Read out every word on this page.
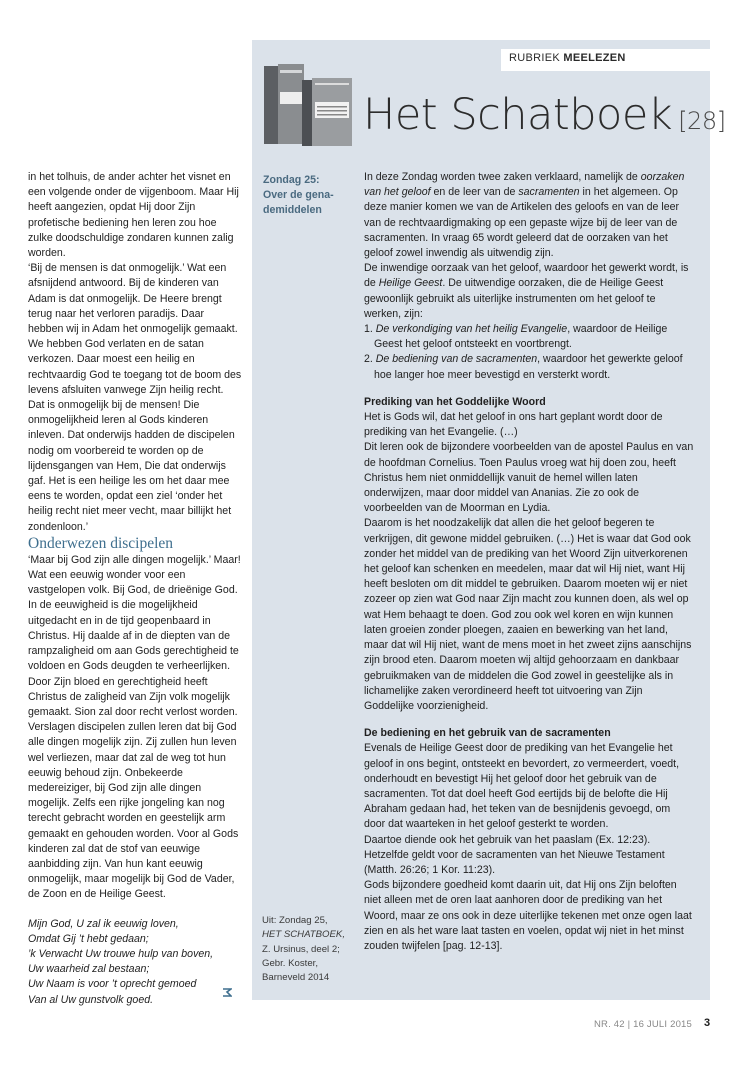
RUBRIEK MEELEZEN
Het Schatboek [28]

in het tolhuis, de ander achter het visnet en een volgende onder de vijgenboom. Maar Hij heeft aangezien, opdat Hij door Zijn profetische bediening hen leren zou hoe zulke doodschuldige zondaren kunnen zalig worden.

‘Bij de mensen is dat onmogelijk.’ Wat een afsnijdend antwoord. Bij de kinderen van Adam is dat onmogelijk. De Heere brengt terug naar het verloren paradijs. Daar hebben wij in Adam het onmogelijk gemaakt. We hebben God verlaten en de satan verkozen. Daar moest een heilig en rechtvaardig God te toegang tot de boom des levens afsluiten vanwege Zijn heilig recht. Dat is onmogelijk bij de mensen! Die onmogelijkheid leren al Gods kinderen inleven. Dat onderwijs hadden de discipelen nodig om voorbereid te worden op de lijdensgangen van Hem, Die dat onderwijs gaf. Het is een heilige les om het daar mee eens te worden, opdat een ziel ‘onder het heilig recht niet meer vecht, maar billijkt het zondenloon.’

Onderwezen discipelen

‘Maar bij God zijn alle dingen mogelijk.’ Maar! Wat een eeuwig wonder voor een vastgelopen volk. Bij God, de drieënige God. In de eeuwigheid is die mogelijkheid uitgedacht en in de tijd geopenbaard in Christus. Hij daalde af in de diepten van de rampzaligheid om aan Gods gerechtigheid te voldoen en Gods deugden te verheerlijken. Door Zijn bloed en gerechtigheid heeft Christus de zaligheid van Zijn volk mogelijk gemaakt. Sion zal door recht verlost worden. Verslagen discipelen zullen leren dat bij God alle dingen mogelijk zijn. Zij zullen hun leven wel verliezen, maar dat zal de weg tot hun eeuwig behoud zijn. Onbekeerde medereiziger, bij God zijn alle dingen mogelijk. Zelfs een rijke jongeling kan nog terecht gebracht worden en geestelijk arm gemaakt en gehouden worden. Voor al Gods kinderen zal dat de stof van eeuwige aanbidding zijn. Van hun kant eeuwig onmogelijk, maar mogelijk bij God de Vader, de Zoon en de Heilige Geest.

Mijn God, U zal ik eeuwig loven,

Omdat Gij ’t hebt gedaan;

’k Verwacht Uw trouwe hulp van boven,

Uw waarheid zal bestaan;

Uw Naam is voor ’t oprecht gemoed

Van al Uw gunstvolk goed.

Zondag 25:

Over de gena-

demiddelen

In deze Zondag worden twee zaken verklaard, namelijk de oorzaken van het geloof en de leer van de sacramenten in het algemeen. Op deze manier komen we van de Artikelen des geloofs en van de leer van de rechtvaardigmaking op een gepaste wijze bij de leer van de sacramenten. In vraag 65 wordt geleerd dat de oorzaken van het geloof zowel inwendig als uitwendig zijn.

De inwendige oorzaak van het geloof, waardoor het gewerkt wordt, is de Heilige Geest. De uitwendige oorzaken, die de Heilige Geest gewoonlijk gebruikt als uiterlijke instrumenten om het geloof te werken, zijn:

1. De verkondiging van het heilig Evangelie, waardoor de Heilige Geest het geloof ontsteekt en voortbrengt.

2. De bediening van de sacramenten, waardoor het gewerkte geloof hoe langer hoe meer bevestigd en versterkt wordt.

Prediking van het Goddelijke Woord

Het is Gods wil, dat het geloof in ons hart geplant wordt door de prediking van het Evangelie. (…)

Dit leren ook de bijzondere voorbeelden van de apostel Paulus en van de hoofdman Cornelius. Toen Paulus vroeg wat hij doen zou, heeft Christus hem niet onmiddellijk vanuit de hemel willen laten onderwijzen, maar door middel van Ananias. Zie zo ook de voorbeelden van de Moorman en Lydia.

Daarom is het noodzakelijk dat allen die het geloof begeren te verkrijgen, dit gewone middel gebruiken. (…) Het is waar dat God ook zonder het middel van de prediking van het Woord Zijn uitverkorenen het geloof kan schenken en meedelen, maar dat wil Hij niet, want Hij heeft besloten om dit middel te gebruiken. Daarom moeten wij er niet zozeer op zien wat God naar Zijn macht zou kunnen doen, als wel op wat Hem behaagt te doen. God zou ook wel koren en wijn kunnen laten groeien zonder ploegen, zaaien en bewerking van het land, maar dat wil Hij niet, want de mens moet in het zweet zijns aanschijns zijn brood eten. Daarom moeten wij altijd gehoorzaam en dankbaar gebruikmaken van de middelen die God zowel in geestelijke als in lichamelijke zaken verordineerd heeft tot uitvoering van Zijn Goddelijke voorzienigheid.

De bediening en het gebruik van de sacramenten

Evenals de Heilige Geest door de prediking van het Evangelie het geloof in ons begint, ontsteekt en bevordert, zo vermeerdert, voedt, onderhoudt en bevestigt Hij het geloof door het gebruik van de sacramenten. Tot dat doel heeft God eertijds bij de belofte die Hij Abraham gedaan had, het teken van de besnijdenis gevoegd, om door dat waarteken in het geloof gesterkt te worden.

Daartoe diende ook het gebruik van het paaslam (Ex. 12:23). Hetzelfde geldt voor de sacramenten van het Nieuwe Testament (Matth. 26:26; 1 Kor. 11:23).

Gods bijzondere goedheid komt daarin uit, dat Hij ons Zijn beloften niet alleen met de oren laat aanhoren door de prediking van het Woord, maar ze ons ook in deze uiterlijke tekenen met onze ogen laat zien en als het ware laat tasten en voelen, opdat wij niet in het minst zouden twijfelen [pag. 12-13].

Uit: Zondag 25,

HET SCHATBOEK,

Z. Ursinus, deel 2;

Gebr. Koster,

Barneveld 2014

NR. 42 | 16 JULI 2015 3
